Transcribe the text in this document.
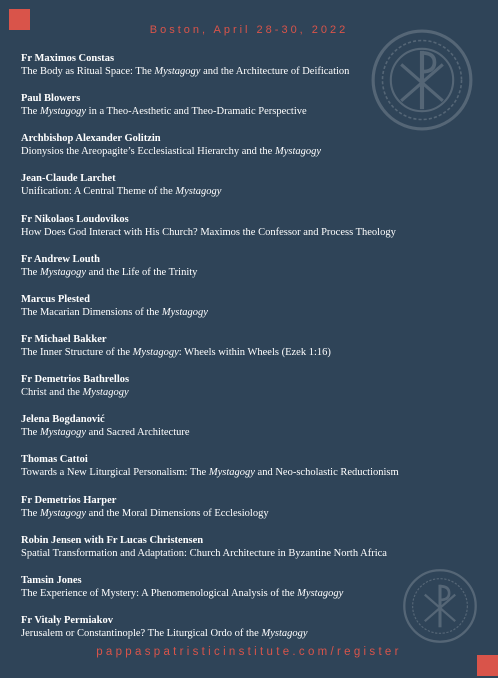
Boston, April 28-30, 2022
Fr Maximos Constas
The Body as Ritual Space: The Mystagogy and the Architecture of Deification
Paul Blowers
The Mystagogy in a Theo-Aesthetic and Theo-Dramatic Perspective
Archbishop Alexander Golitzin
Dionysios the Areopagite’s Ecclesiastical Hierarchy and the Mystagogy
Jean-Claude Larchet
Unification: A Central Theme of the Mystagogy
Fr Nikolaos Loudovikos
How Does God Interact with His Church? Maximos the Confessor and Process Theology
Fr Andrew Louth
The Mystagogy and the Life of the Trinity
Marcus Plested
The Macarian Dimensions of the Mystagogy
Fr Michael Bakker
The Inner Structure of the Mystagogy: Wheels within Wheels (Ezek 1:16)
Fr Demetrios Bathrellos
Christ and the Mystagogy
Jelena Bogdanović
The Mystagogy and Sacred Architecture
Thomas Cattoi
Towards a New Liturgical Personalism: The Mystagogy and Neo-scholastic Reductionism
Fr Demetrios Harper
The Mystagogy and the Moral Dimensions of Ecclesiology
Robin Jensen with Fr Lucas Christensen
Spatial Transformation and Adaptation: Church Architecture in Byzantine North Africa
Tamsin Jones
The Experience of Mystery: A Phenomenological Analysis of the Mystagogy
Fr Vitaly Permiakov
Jerusalem or Constantinople? The Liturgical Ordo of the Mystagogy
pappaspatristicinstitute.com/register
